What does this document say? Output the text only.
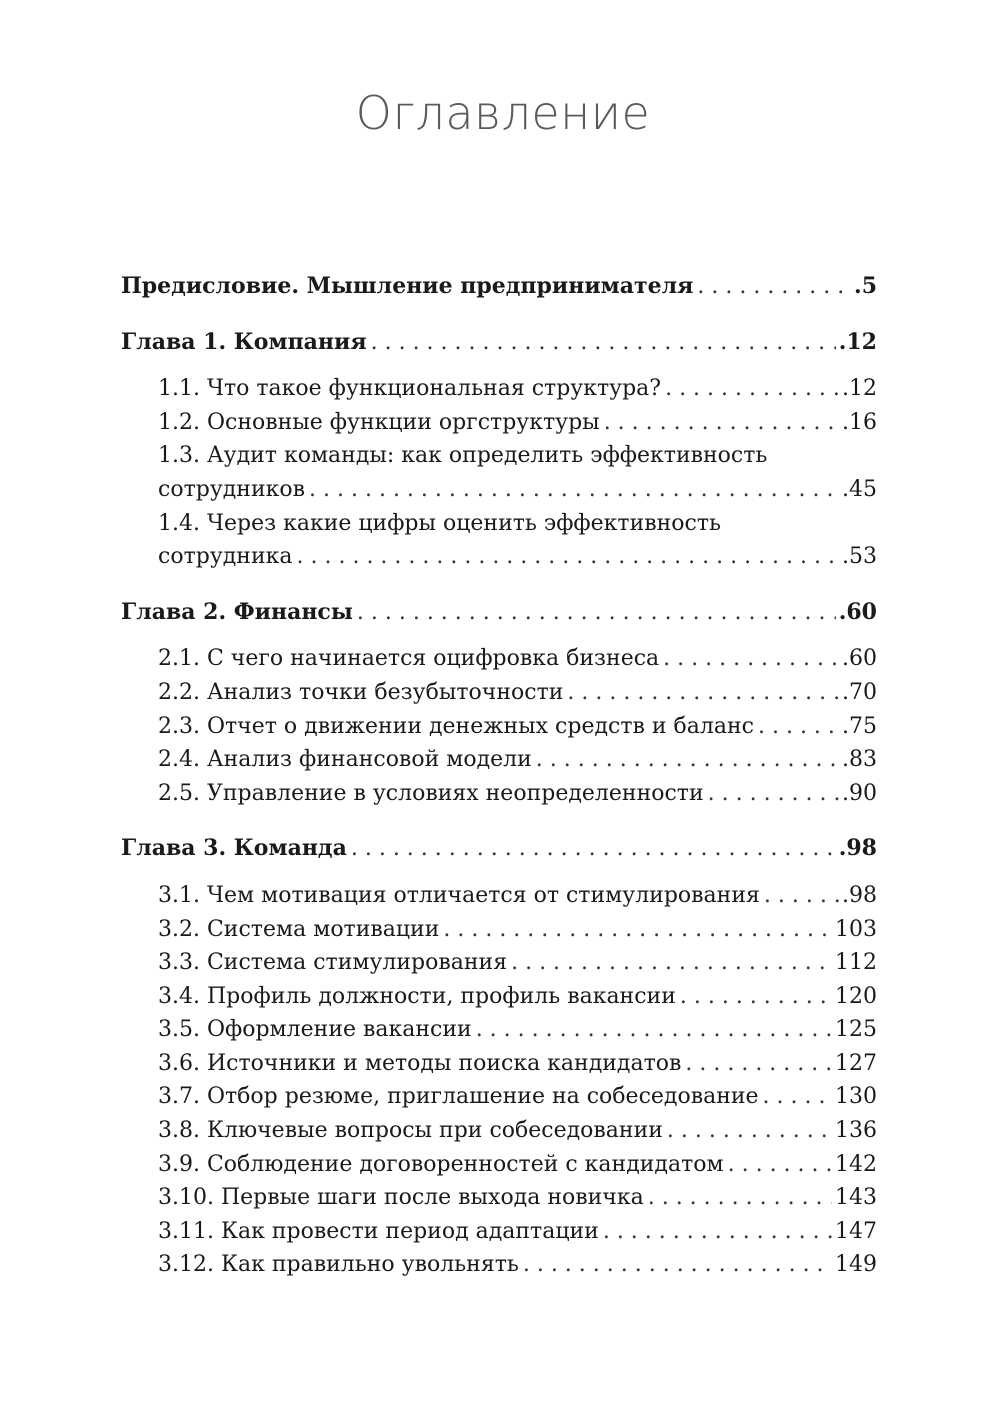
Оглавление
Предисловие. Мышление предпринимателя . . .	.5
Глава 1. Компания . . .	.12
1.1. Что такое функциональная структура? . . .	.12
1.2. Основные функции оргструктуры . . .	.16
1.3. Аудит команды: как определить эффективность
сотрудников . . .	.45
1.4. Через какие цифры оценить эффективность
сотрудника . . .	.53
Глава 2. Финансы . . .	.60
2.1. С чего начинается оцифровка бизнеса . . .	.60
2.2. Анализ точки безубыточности . . .	.70
2.3. Отчет о движении денежных средств и баланс . . .	.75
2.4. Анализ финансовой модели . . .	.83
2.5. Управление в условиях неопределенности . . .	.90
Глава 3. Команда . . .	.98
3.1. Чем мотивация отличается от стимулирования . . .	.98
3.2. Система мотивации . . .	103
3.3. Система стимулирования . . .	112
3.4. Профиль должности, профиль вакансии . . .	120
3.5. Оформление вакансии . . .	125
3.6. Источники и методы поиска кандидатов . . .	127
3.7. Отбор резюме, приглашение на собеседование . . .	130
3.8. Ключевые вопросы при собеседовании . . .	136
3.9. Соблюдение договоренностей с кандидатом . . .	142
3.10. Первые шаги после выхода новичка . . .	143
3.11. Как провести период адаптации . . .	147
3.12. Как правильно увольнять . . .	149
